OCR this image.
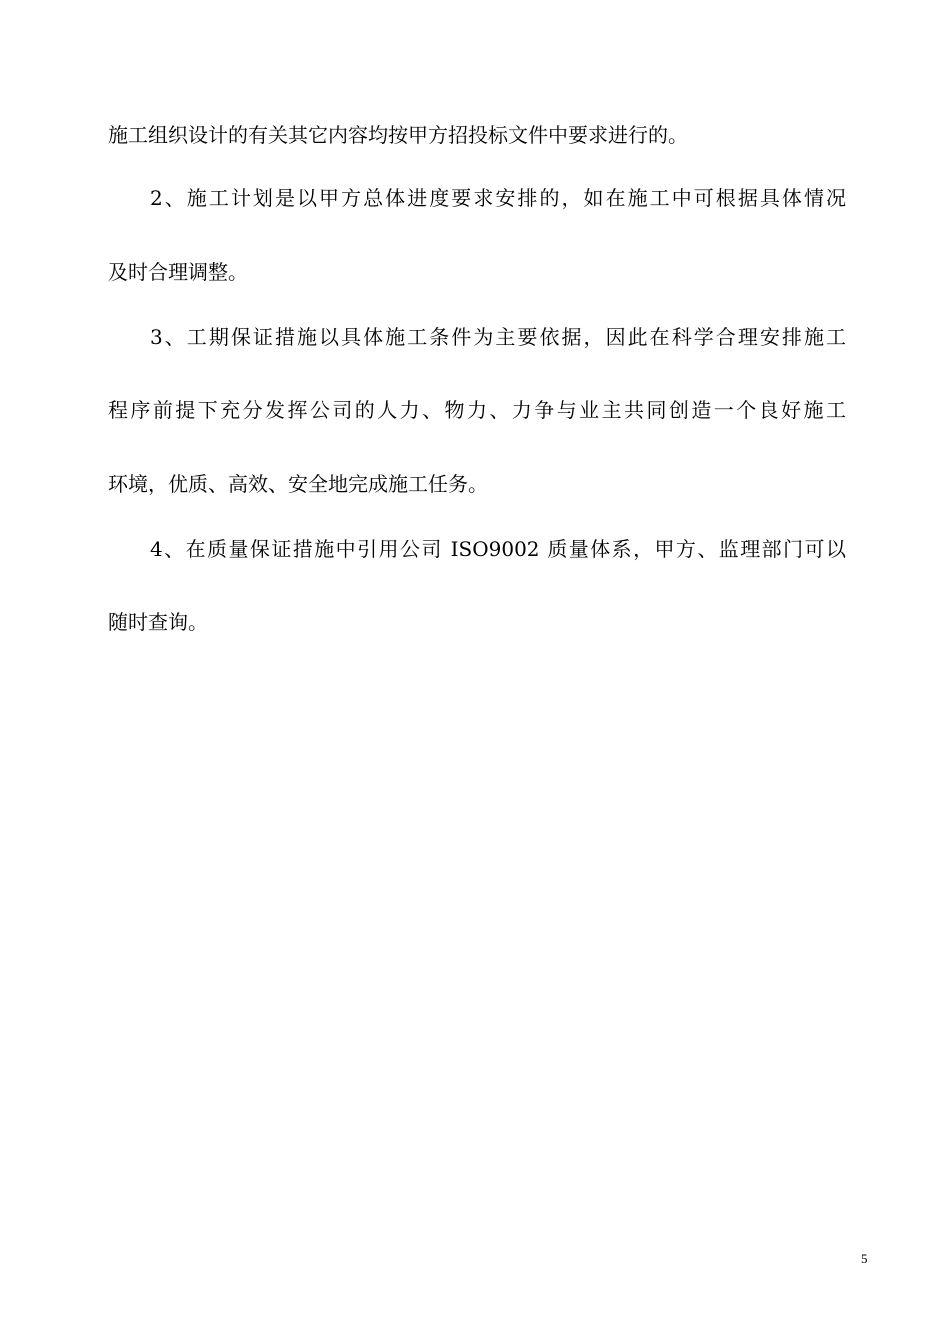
施工组织设计的有关其它内容均按甲方招投标文件中要求进行的。
2、施工计划是以甲方总体进度要求安排的，如在施工中可根据具体情况
及时合理调整。
3、工期保证措施以具体施工条件为主要依据，因此在科学合理安排施工
程序前提下充分发挥公司的人力、物力、力争与业主共同创造一个良好施工
环境，优质、高效、安全地完成施工任务。
4、在质量保证措施中引用公司 ISO9002 质量体系，甲方、监理部门可以
随时查询。
5
